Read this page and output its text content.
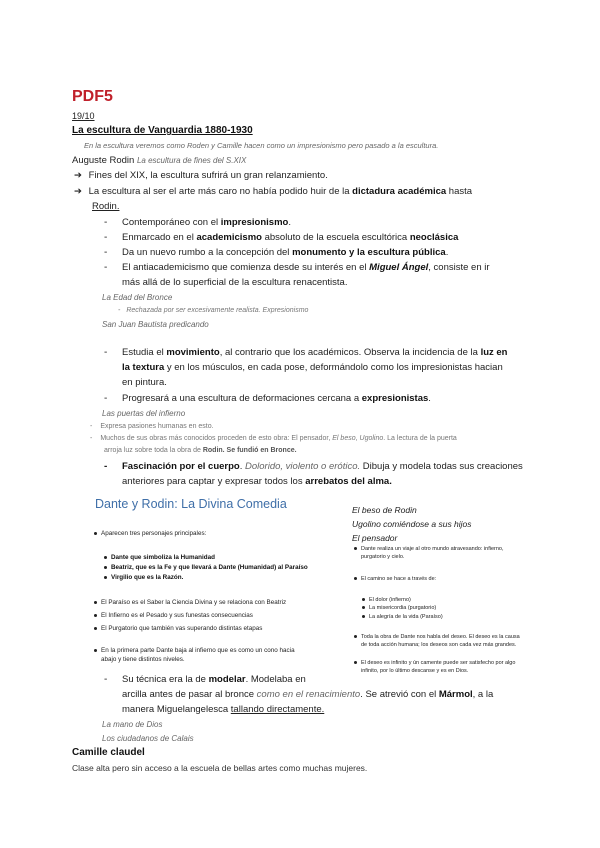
PDF5
19/10
La escultura de Vanguardia 1880-1930
En la escultura veremos como Roden y Camille hacen como un impresionismo pero pasado a la escultura.
Auguste Rodin La escultura de fines del S.XIX
➔ Fines del XIX, la escultura sufrirá un gran relanzamiento.
➔ La escultura al ser el arte más caro no había podido huir de la dictadura académica hasta
Rodin.
- Contemporáneo con el impresionismo.
- Enmarcado en el academicismo absoluto de la escuela escultórica neoclásica
- Da un nuevo rumbo a la concepción del monumento y la escultura pública.
- El antiacademicismo que comienza desde su interés en el Miguel Ángel, consiste en ir
más allá de lo superficial de la escultura renacentista.
La Edad del Bronce
- Rechazada por ser excesivamente realista. Expresionismo
San Juan Bautista predicando
- Estudia el movimiento, al contrario que los académicos. Observa la incidencia de la luz en
la textura y en los músculos, en cada pose, deformándolo como los impresionistas hacian
en pintura.
- Progresará a una escultura de deformaciones cercana a expresionistas.
Las puertas del infierno
- Expresa pasiones humanas en esto.
- Muchos de sus obras más conocidos proceden de esto obra: El pensador, El beso, Ugolino. La lectura de la puerta
arroja luz sobre toda la obra de Rodin. Se fundió en Bronce.
- Fascinación por el cuerpo. Dolorido, violento o erótico. Dibuja y modela todas sus creaciones
anteriores para captar y expresar todos los arrebatos del alma.
Dante y Rodin: La Divina Comedia
Aparecen tres personajes principales:
Dante que simboliza la Humanidad
Beatriz, que es la Fe y que llevará a Dante (Humanidad) al Paraíso
Virgilio que es la Razón.
El Paraíso es el Saber la Ciencia Divina y se relaciona con Beatriz
El Infierno es el Pesado y sus funestas consecuencias
El Purgatorio que también vas superando distintas etapas
En la primera parte Dante baja al infierno que es como un cono hacia
abajo y tiene distintos niveles.
El beso de Rodin
Ugolino comiéndose a sus hijos
El pensador
Dante realiza un viaje al otro mundo atravesando: infierno,
purgatorio y cielo.
El camino se hace a través de:
El dolor (infierno)
La misericordia (purgatorio)
La alegría de la vida (Paraíso)
Toda la obra de Dante nos habla del deseo. El deseo es la causa
de toda acción humana; los deseos son cada vez más grandes.
El deseo es infinito y ún camente puede ser satisfecho por algo
infinito, por lo último descanse y es en Dios.
- Su técnica era la de modelar. Modelaba en
arcilla antes de pasar al bronce como en el renacimiento. Se atrevió con el Mármol, a la
manera Miguelangelesca tallando directamente.
La mano de Dios
Los ciudadanos de Calais
Camille claudel
Clase alta pero sin acceso a la escuela de bellas artes como muchas mujeres.
